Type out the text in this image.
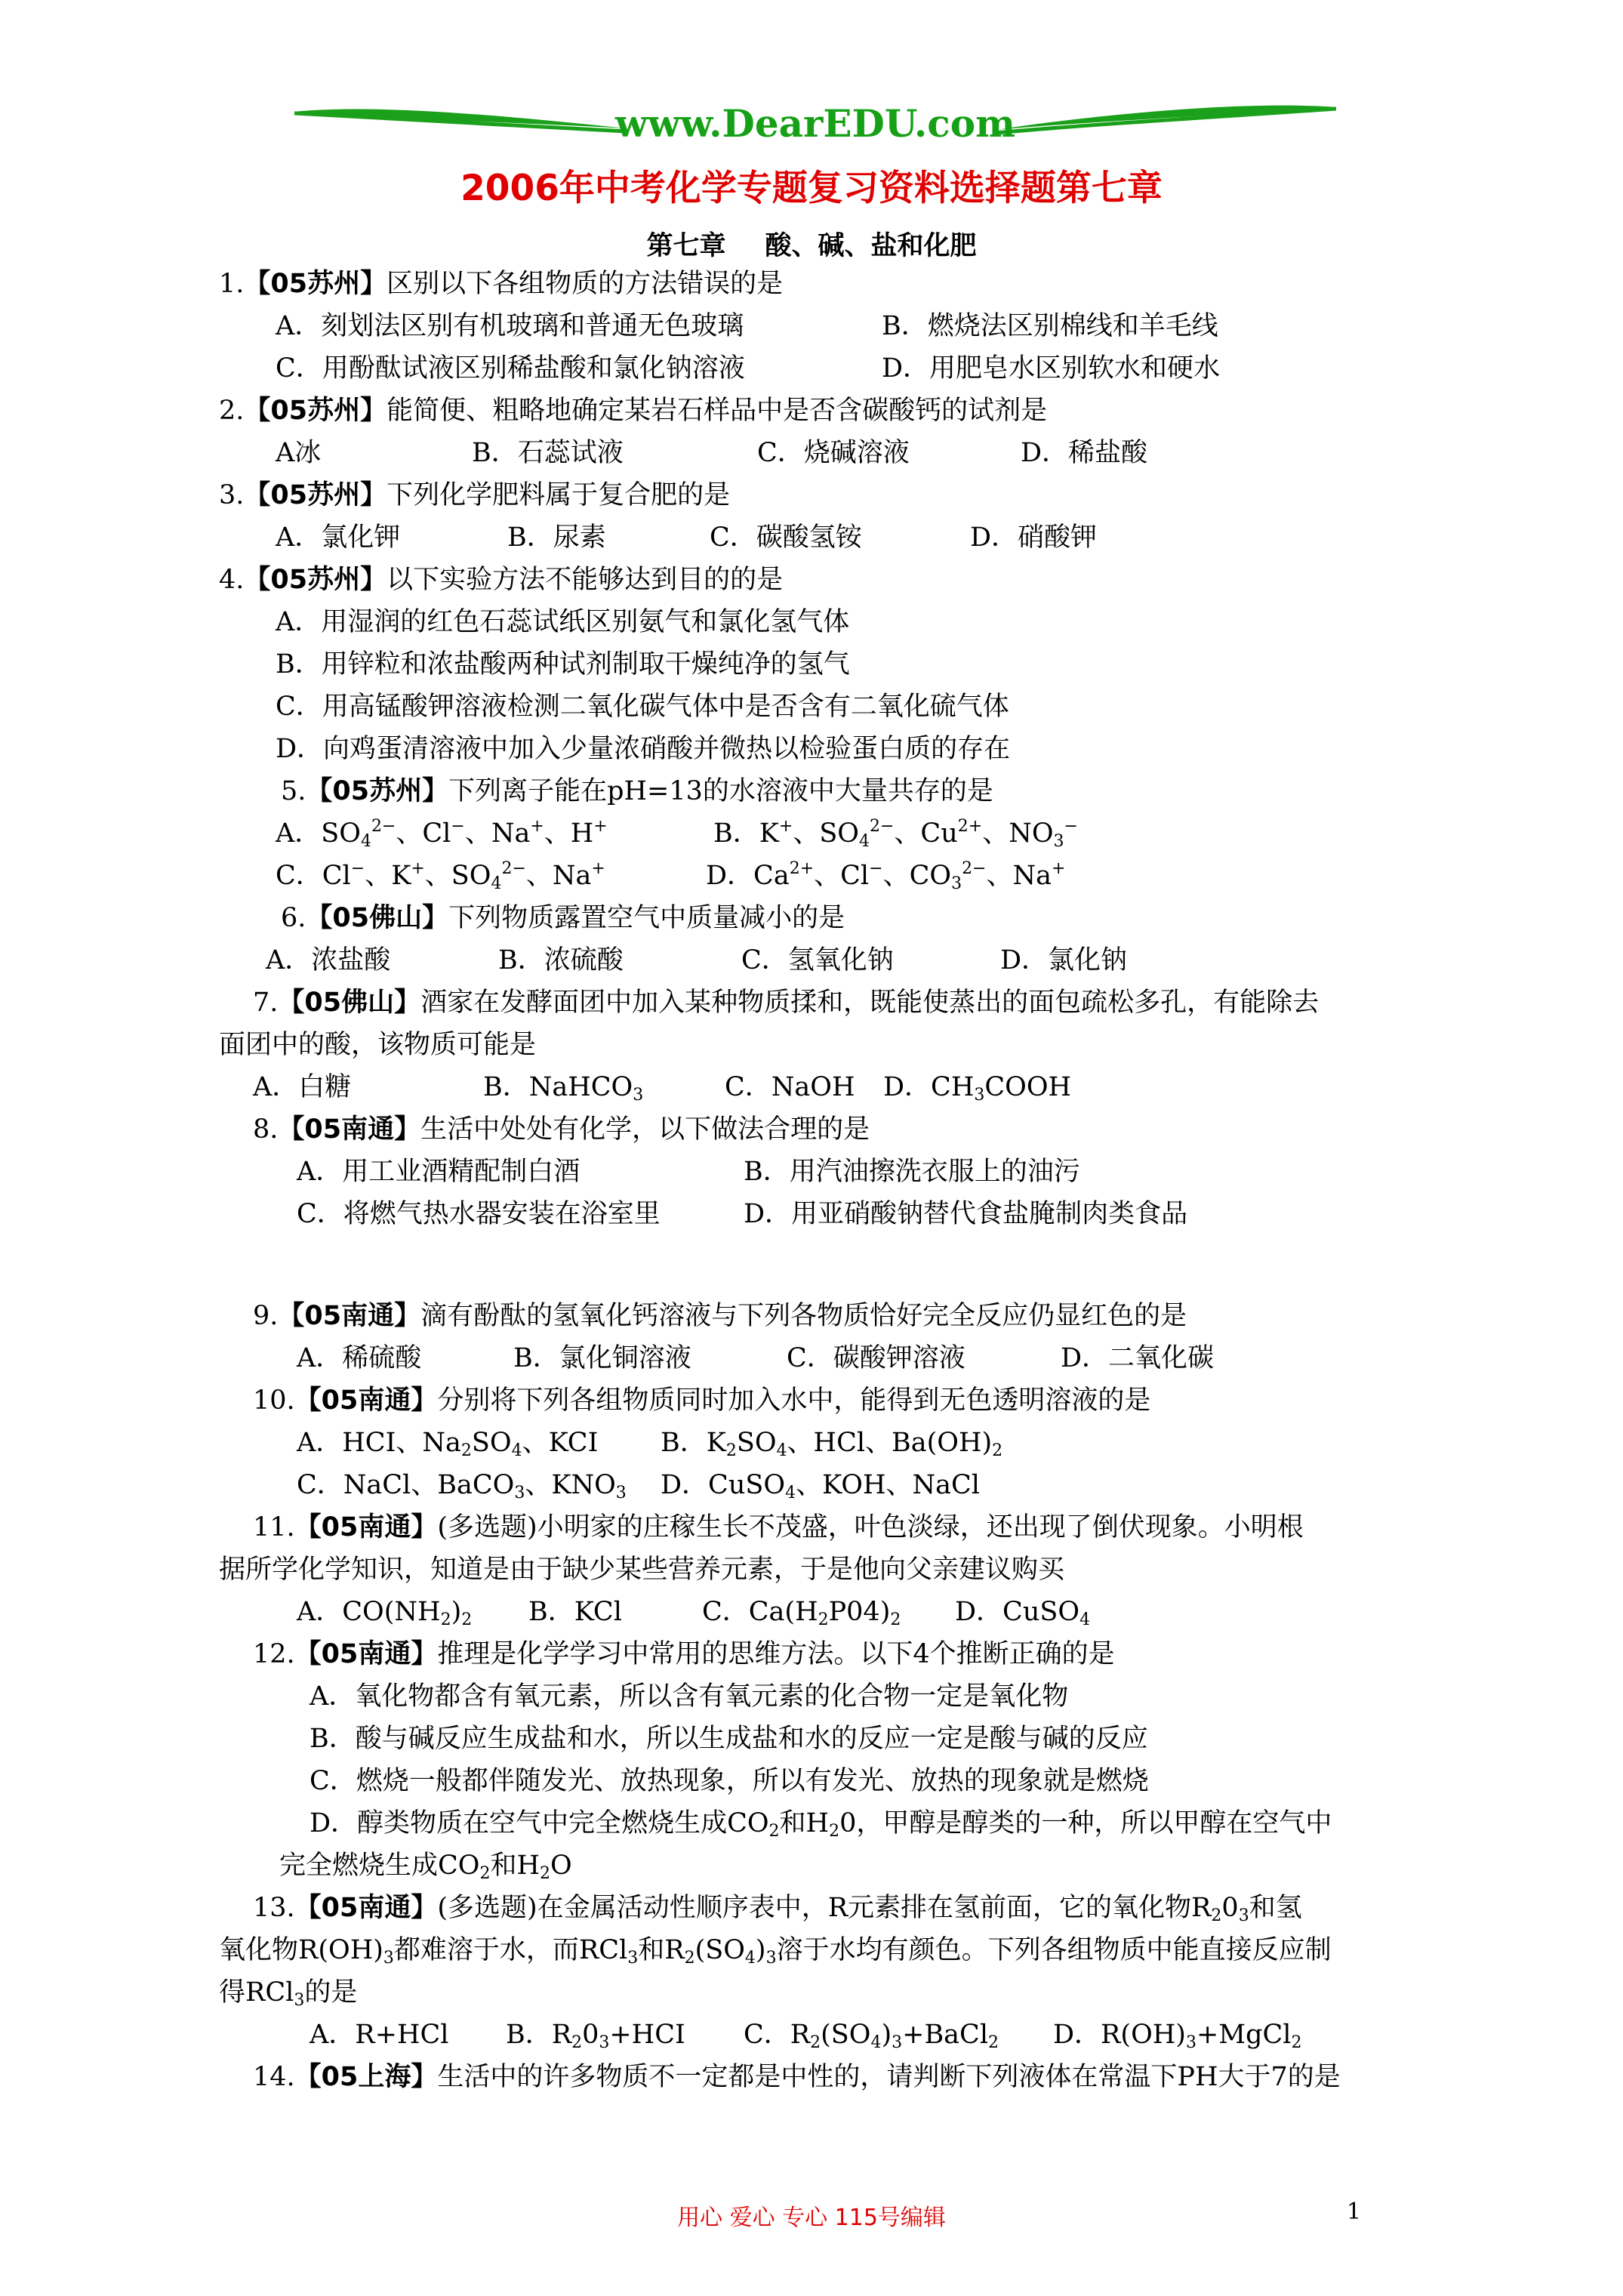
www.DearEDU.com
2006年中考化学专题复习资料选择题第七章
第七章 酸、碱、盐和化肥
1.【05苏州】区别以下各组物质的方法错误的是
A．刻划法区别有机玻璃和普通无色玻璃	B．燃烧法区别棉线和羊毛线
C．用酚酞试液区别稀盐酸和氯化钠溶液	D．用肥皂水区别软水和硬水
2.【05苏州】能简便、粗略地确定某岩石样品中是否含碳酸钙的试剂是
A冰	B．石蕊试液	C．烧碱溶液	D．稀盐酸
3.【05苏州】下列化学肥料属于复合肥的是
A．氯化钾	B．尿素	C．碳酸氢铵	D．硝酸钾
4.【05苏州】以下实验方法不能够达到目的的是
A．用湿润的红色石蕊试纸区别氨气和氯化氢气体
B．用锌粒和浓盐酸两种试剂制取干燥纯净的氢气
C．用高锰酸钾溶液检测二氧化碳气体中是否含有二氧化硫气体
D．向鸡蛋清溶液中加入少量浓硝酸并微热以检验蛋白质的存在
5.【05苏州】下列离子能在pH=13的水溶液中大量共存的是
A．$SO_4^{2-}$、Cl−、Na+、H+	B．K+、$SO_4^{2-}$、$Cu^{2+}$、$NO_3^-$
C．Cl−、K+、$SO_4^{2-}$、Na+	D．$Ca^{2+}$、Cl−、$CO_3^{2-}$、Na+
6.【05佛山】下列物质露置空气中质量减小的是
A．浓盐酸	B．浓硫酸	C．氢氧化钠	D．氯化钠
7.【05佛山】酒家在发酵面团中加入某种物质揉和，既能使蒸出的面包疏松多孔，有能除去
面团中的酸，该物质可能是
A．白糖	B．NaHCO$_3$	C．NaOH D．$CH_3COOH$
8.【05南通】生活中处处有化学，以下做法合理的是
A．用工业酒精配制白酒	B．用汽油擦洗衣服上的油污
C．将燃气热水器安装在浴室里	D．用亚硝酸钠替代食盐腌制肉类食品
9.【05南通】滴有酚酞的氢氧化钙溶液与下列各物质恰好完全反应仍显红色的是
A．稀硫酸	B．氯化铜溶液	C．碳酸钾溶液	D．二氧化碳
10.【05南通】分别将下列各组物质同时加入水中，能得到无色透明溶液的是
A．HCI、$Na_2SO_4$、KCI B．$K_2SO_4$、HCl、$Ba(OH)_2$
C．NaCl、BaCO$_3$、$KNO_3$ D．CuSO$_4$、KOH、NaCl
11.【05南通】(多选题)小明家的庄稼生长不茂盛，叶色淡绿，还出现了倒伏现象。小明根
据所学化学知识，知道是由于缺少某些营养元素，于是他向父亲建议购买
A．$CO(NH_2)_2$ B．KCl	C．$Ca(H_2P04)_2$ D．CuSO$_4$
12.【05南通】推理是化学学习中常用的思维方法。以下4个推断正确的是
A．氧化物都含有氧元素，所以含有氧元素的化合物一定是氧化物
B．酸与碱反应生成盐和水，所以生成盐和水的反应一定是酸与碱的反应
C．燃烧一般都伴随发光、放热现象，所以有发光、放热的现象就是燃烧
D．醇类物质在空气中完全燃烧生成$CO_2$和$H_20$，甲醇是醇类的一种，所以甲醇在空气中
完全燃烧生成$CO_2$和$H_2O$
13.【05南通】(多选题)在金属活动性顺序表中，R元素排在氢前面，它的氧化物$R_20_3$和氢
氧化物$R(OH)_3$都难溶于水，而RCl$_3$和$R_2(SO_4)_3$溶于水均有颜色。下列各组物质中能直接反应制
得RCl$_3$的是
A．R+HCl B．$R_20_3+HCI$ C．$R_2(SO_4)_3+BaCl_2$ D．$R(OH)_3+MgCl_2$
14.【05上海】生活中的许多物质不一定都是中性的，请判断下列液体在常温下PH大于7的是
用心 爱心 专心 115号编辑	1
